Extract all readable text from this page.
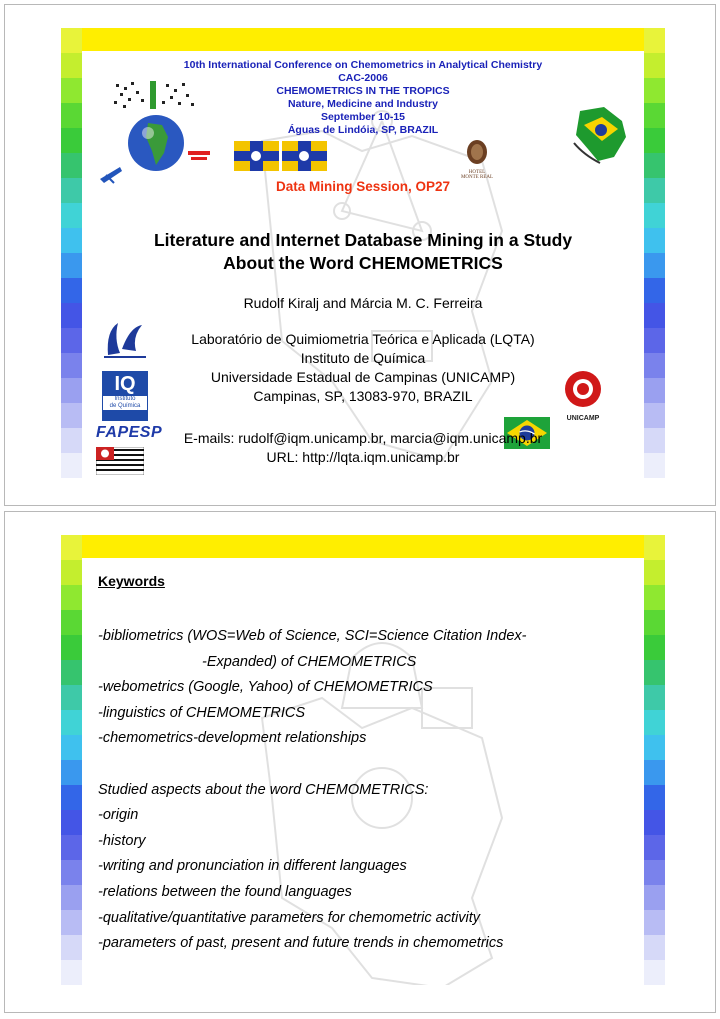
10th International Conference on Chemometrics in Analytical Chemistry
CAC-2006
CHEMOMETRICS IN THE TROPICS
Nature, Medicine and Industry
September 10-15
Águas de Lindóia, SP, BRAZIL
HOTEL
MONTE REAL
Data Mining Session, OP27
Literature and Internet Database Mining in a Study
About the Word CHEMOMETRICS
Rudolf Kiralj and Márcia M. C. Ferreira
IQ
Instituto
de Química
FAPESP
UNICAMP
Laboratório de Quimiometria Teórica e Aplicada (LQTA)
Instituto de Química
Universidade Estadual de Campinas (UNICAMP)
Campinas, SP, 13083-970, BRAZIL
E-mails: rudolf@iqm.unicamp.br, marcia@iqm.unicamp.br
URL: http://lqta.iqm.unicamp.br
Keywords
-bibliometrics (WOS=Web of Science, SCI=Science Citation Index-
-Expanded) of CHEMOMETRICS
-webometrics (Google, Yahoo) of CHEMOMETRICS
-linguistics of CHEMOMETRICS
-chemometrics-development relationships
Studied aspects about the word CHEMOMETRICS:
-origin
-history
-writing and pronunciation in different languages
-relations between the found languages
-qualitative/quantitative parameters for chemometric activity
-parameters of past, present and future trends in chemometrics
